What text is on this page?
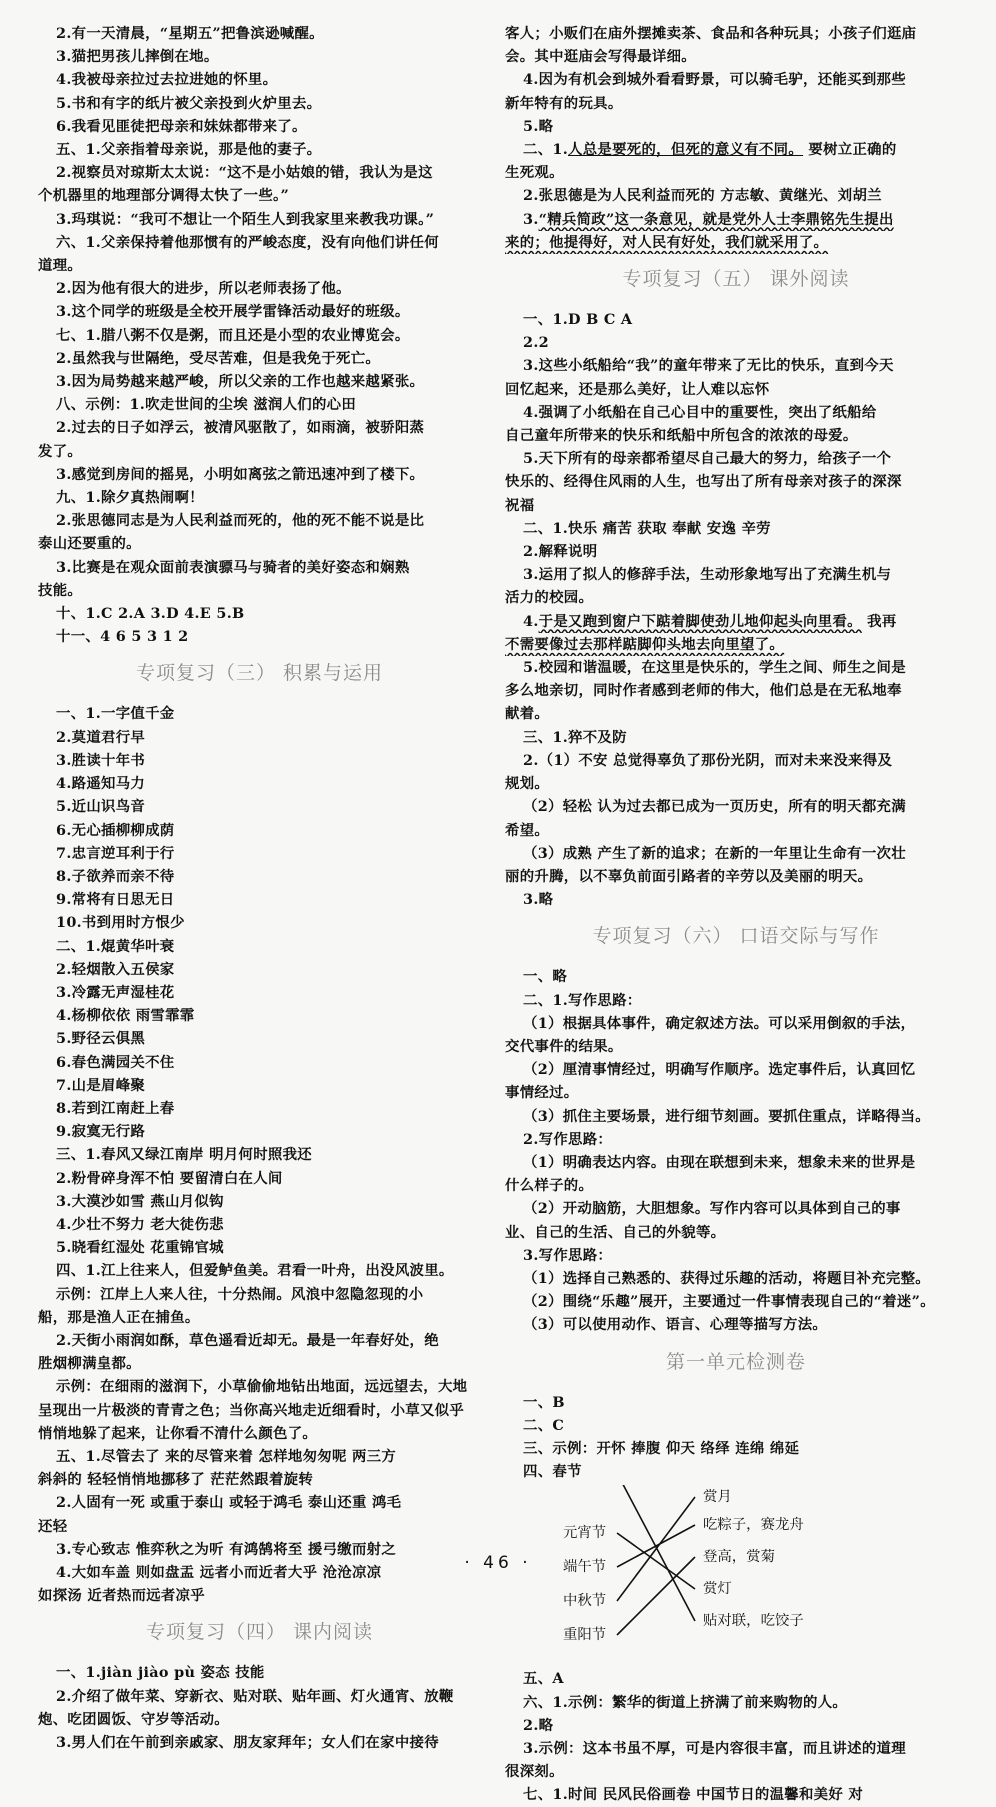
2.有一天清晨，“星期五”把鲁滨逊喊醒。
3.猫把男孩儿摔倒在地。
4.我被母亲拉过去拉进她的怀里。
5.书和有字的纸片被父亲投到火炉里去。
6.我看见匪徒把母亲和妹妹都带来了。
五、1.父亲指着母亲说，那是他的妻子。
2.视察员对琼斯太太说：“这不是小姑娘的错，我认为是这
个机器里的地理部分调得太快了一些。”
3.玛琪说：“我可不想让一个陌生人到我家里来教我功课。”
六、1.父亲保持着他那惯有的严峻态度，没有向他们讲任何
道理。
2.因为他有很大的进步，所以老师表扬了他。
3.这个同学的班级是全校开展学雷锋活动最好的班级。
七、1.腊八粥不仅是粥，而且还是小型的农业博览会。
2.虽然我与世隔绝，受尽苦难，但是我免于死亡。
3.因为局势越来越严峻，所以父亲的工作也越来越紧张。
八、示例：1.吹走世间的尘埃 滋润人们的心田
2.过去的日子如浮云，被清风驱散了，如雨滴，被骄阳蒸
发了。
3.感觉到房间的摇晃，小明如离弦之箭迅速冲到了楼下。
九、1.除夕真热闹啊！
2.张思德同志是为人民利益而死的，他的死不能不说是比
泰山还要重的。
3.比赛是在观众面前表演骠马与骑者的美好姿态和娴熟
技能。
十、1.C 2.A 3.D 4.E 5.B
十一、4 6 5 3 1 2
专项复习（三） 积累与运用
一、1.一字值千金
2.莫道君行早
3.胜读十年书
4.路遥知马力
5.近山识鸟音
6.无心插柳柳成荫
7.忠言逆耳利于行
8.子欲养而亲不待
9.常将有日思无日
10.书到用时方恨少
二、1.焜黄华叶衰
2.轻烟散入五侯家
3.冷露无声湿桂花
4.杨柳依依 雨雪霏霏
5.野径云俱黑
6.春色满园关不住
7.山是眉峰聚
8.若到江南赶上春
9.寂寞无行路
三、1.春风又绿江南岸 明月何时照我还
2.粉骨碎身浑不怕 要留清白在人间
3.大漠沙如雪 燕山月似钩
4.少壮不努力 老大徒伤悲
5.晓看红湿处 花重锦官城
四、1.江上往来人，但爱鲈鱼美。君看一叶舟，出没风波里。
示例：江岸上人来人往，十分热闹。风浪中忽隐忽现的小
船，那是渔人正在捕鱼。
2.天街小雨润如酥，草色遥看近却无。最是一年春好处，绝
胜烟柳满皇都。
示例：在细雨的滋润下，小草偷偷地钻出地面，远远望去，大地
呈现出一片极淡的青青之色；当你高兴地走近细看时，小草又似乎
悄悄地躲了起来，让你看不清什么颜色了。
五、1.尽管去了 来的尽管来着 怎样地匆匆呢 两三方
斜斜的 轻轻悄悄地挪移了 茫茫然跟着旋转
2.人固有一死 或重于泰山 或轻于鸿毛 泰山还重 鸿毛
还轻
3.专心致志 惟弈秋之为听 有鸿鹄将至 援弓缴而射之
4.大如车盖 则如盘盂 远者小而近者大乎 沧沧凉凉
如探汤 近者热而远者凉乎
专项复习（四） 课内阅读
一、1.jiàn jiào pù 姿态 技能
2.介绍了做年菜、穿新衣、贴对联、贴年画、灯火通宵、放鞭
炮、吃团圆饭、守岁等活动。
3.男人们在午前到亲戚家、朋友家拜年；女人们在家中接待
客人；小贩们在庙外摆摊卖茶、食品和各种玩具；小孩子们逛庙
会。其中逛庙会写得最详细。
4.因为有机会到城外看看野景，可以骑毛驴，还能买到那些
新年特有的玩具。
5.略
二、1.人总是要死的，但死的意义有不同。 要树立正确的
生死观。
2.张思德是为人民利益而死的 方志敏、黄继光、刘胡兰
3.“精兵简政”这一条意见，就是党外人士李鼎铭先生提出
来的；他提得好，对人民有好处，我们就采用了。
专项复习（五） 课外阅读
一、1.D B C A
2.2
3.这些小纸船给“我”的童年带来了无比的快乐，直到今天
回忆起来，还是那么美好，让人难以忘怀
4.强调了小纸船在自己心目中的重要性，突出了纸船给
自己童年所带来的快乐和纸船中所包含的浓浓的母爱。
5.天下所有的母亲都希望尽自己最大的努力，给孩子一个
快乐的、经得住风雨的人生，也写出了所有母亲对孩子的深深
祝福
二、1.快乐 痛苦 获取 奉献 安逸 辛劳
2.解释说明
3.运用了拟人的修辞手法，生动形象地写出了充满生机与
活力的校园。
4.于是又跑到窗户下踮着脚使劲儿地仰起头向里看。 我再
不需要像过去那样踮脚仰头地去向里望了。
5.校园和谐温暖，在这里是快乐的，学生之间、师生之间是
多么地亲切，同时作者感到老师的伟大，他们总是在无私地奉
献着。
三、1.猝不及防
2.（1）不安 总觉得辜负了那份光阴，而对未来没来得及
规划。
（2）轻松 认为过去都已成为一页历史，所有的明天都充满
希望。
（3）成熟 产生了新的追求；在新的一年里让生命有一次壮
丽的升腾，以不辜负前面引路者的辛劳以及美丽的明天。
3.略
专项复习（六） 口语交际与写作
一、略
二、1.写作思路：
（1）根据具体事件，确定叙述方法。可以采用倒叙的手法，
交代事件的结果。
（2）厘清事情经过，明确写作顺序。选定事件后，认真回忆
事情经过。
（3）抓住主要场景，进行细节刻画。要抓住重点，详略得当。
2.写作思路：
（1）明确表达内容。由现在联想到未来，想象未来的世界是
什么样子的。
（2）开动脑筋，大胆想象。写作内容可以具体到自己的事
业、自己的生活、自己的外貌等。
3.写作思路：
（1）选择自己熟悉的、获得过乐趣的活动，将题目补充完整。
（2）围绕“乐趣”展开，主要通过一件事情表现自己的“着迷”。
（3）可以使用动作、语言、心理等描写方法。
第一单元检测卷
一、B
二、C
三、示例：开怀 捧腹 仰天 络绎 连绵 绵延
四、春节
元宵节
端午节
中秋节
重阳节
赏月
吃粽子，赛龙舟
登高，赏菊
赏灯
贴对联，吃饺子
五、A
六、1.示例：繁华的街道上挤满了前来购物的人。
2.略
3.示例：这本书虽不厚，可是内容很丰富，而且讲述的道理
很深刻。
七、1.时间 民风民俗画卷 中国节日的温馨和美好 对
· 46 ·
